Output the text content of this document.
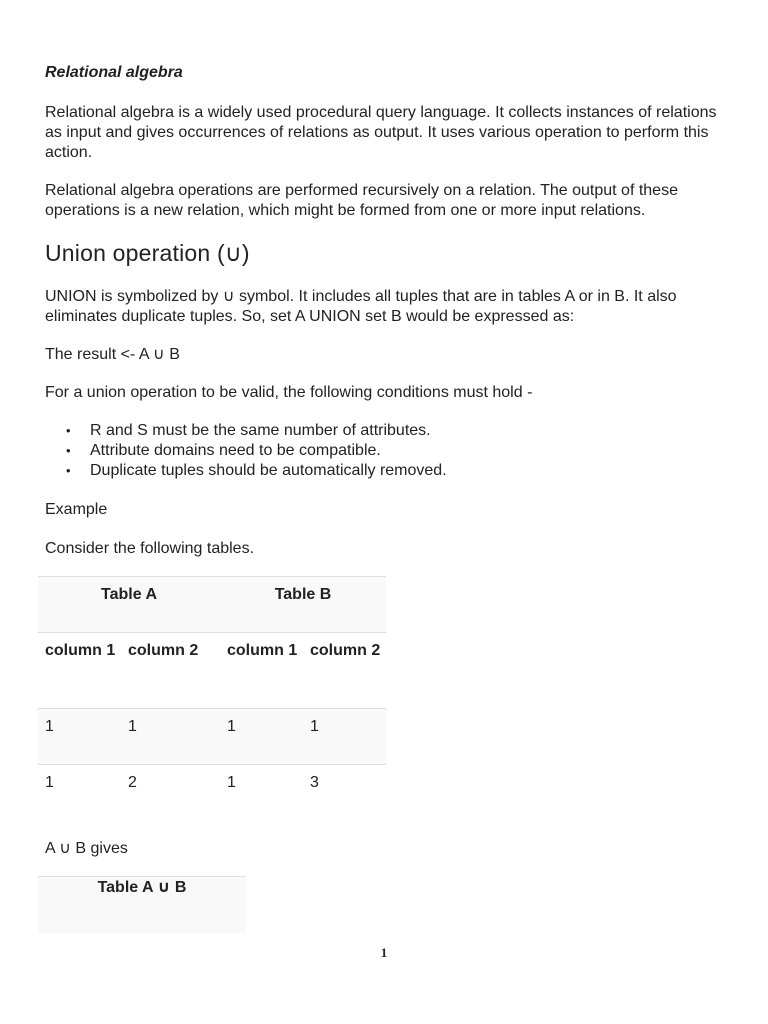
Relational algebra

Relational algebra is a widely used procedural query language. It collects instances of relations as input and gives occurrences of relations as output. It uses various operation to perform this action.

Relational algebra operations are performed recursively on a relation. The output of these operations is a new relation, which might be formed from one or more input relations.

Union operation (∪)

UNION is symbolized by ∪ symbol. It includes all tuples that are in tables A or in B. It also eliminates duplicate tuples. So, set A UNION set B would be expressed as:

The result <- A ∪ B

For a union operation to be valid, the following conditions must hold -

• R and S must be the same number of attributes.
• Attribute domains need to be compatible.
• Duplicate tuples should be automatically removed.

Example

Consider the following tables.

A ∪ B gives

Table A		Table B	
column 1	column 2	column 1	column 2
1	1	1	1
1	2	1	3
Table A ∪ B
1
